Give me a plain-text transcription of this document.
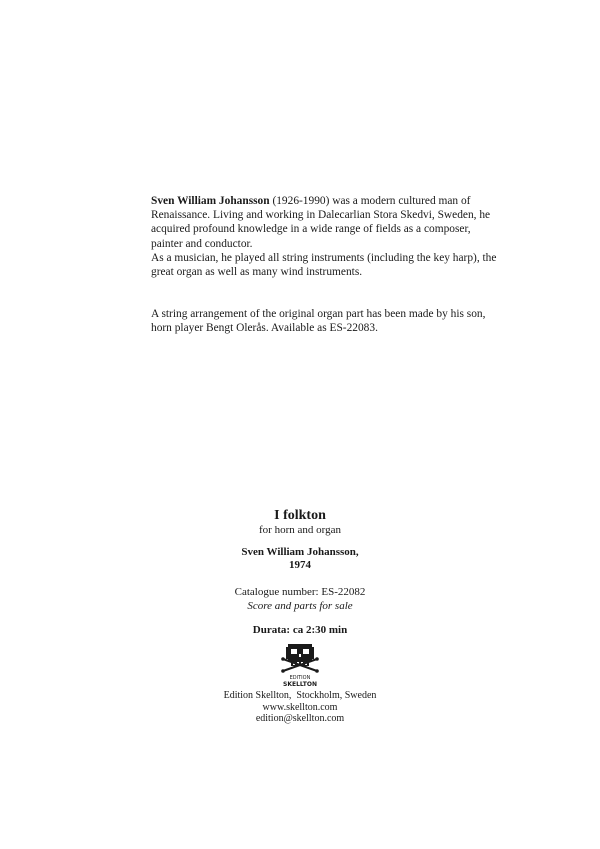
Sven William Johansson (1926-1990) was a modern cultured man of Renaissance. Living and working in Dalecarlian Stora Skedvi, Sweden, he acquired profound knowledge in a wide range of fields as a composer, painter and conductor.
As a musician, he played all string instruments (including the key harp), the great organ as well as many wind instruments.

A string arrangement of the original organ part has been made by his son, horn player Bengt Olerås. Available as ES-22083.

I folkton
for horn and organ
Sven William Johansson,
1974
Catalogue number: ES-22082
Score and parts for sale
Durata: ca 2:30 min
EDITION
SKELLTON
Edition Skellton,  Stockholm, Sweden
www.skellton.com
edition@skellton.com
